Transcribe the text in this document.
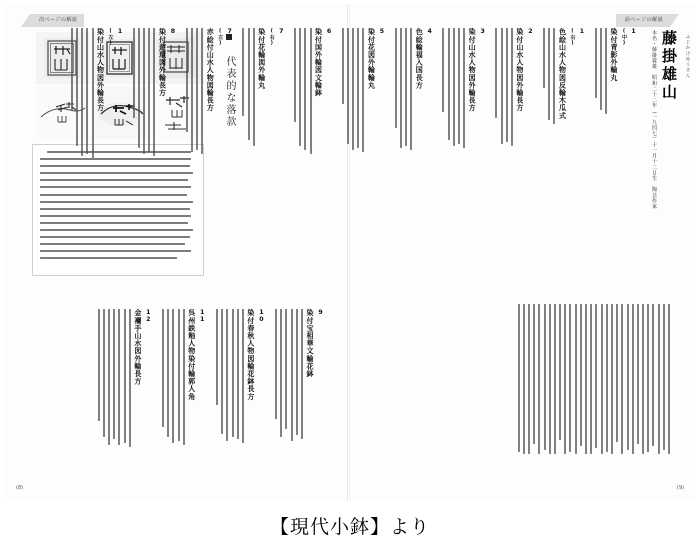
次ページの解説
代表的な落款
9
染付宝相華文輪花鉢
10
染付春秋人物図輪花鉢長方
11
呉州鉄釉人物染付輪郭人角
12
金襴手山水図外輪長方
(8)
前ページの解説
藤掛雄山	ふじかけゆうざん
本名・藤掛義雄　昭和二十二年（一九四七）十一月十二日生　陶芸作家
1
(中)
染付青影外輪丸
1
(右)
色絵山水人物図反輪木瓜式
2
染付山水人物図外輪長方
3
染付山水人物図外輪長方
4
色絵輪福入国長方
5
染付花図外輪輪丸
6
染付国外輪図文輪鉢
7
(右)
染付花輪図外輪丸
7
(左)
赤絵付山水人物図輪長方
8
染付遊環図外輪長方
1
(左)
染付山水人物図外輪長方
(9)
【現代小鉢】より
